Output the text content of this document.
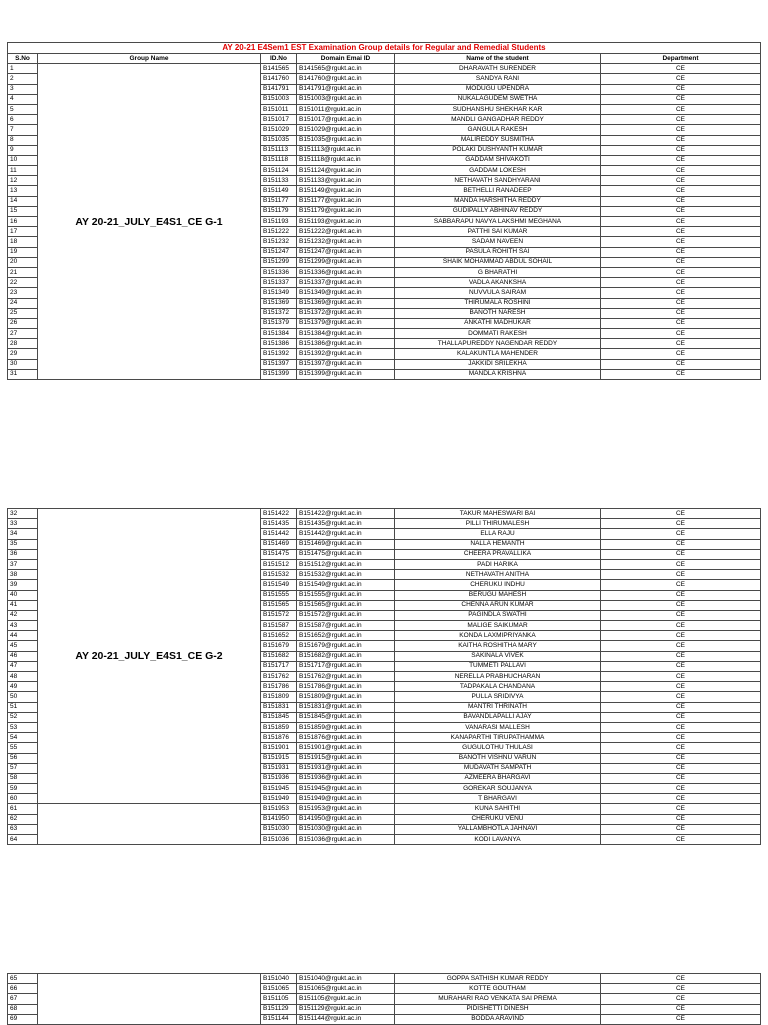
AY 20-21 E4Sem1 EST Examination Group details for Regular and Remedial Students					
S.No	Group Name	ID.No	Domain Emai ID	Name of the student	Department
1	AY 20-21_JULY_E4S1_CE G-1	B141565	B141565@rgukt.ac.in	DHARAVATH SURENDER	CE
2		B141760	B141760@rgukt.ac.in	SANDYA RANI	CE
3		B141791	B141791@rgukt.ac.in	MODUGU UPENDRA	CE
4		B151003	B151003@rgukt.ac.in	NUKALAGUDEM SWETHA	CE
5		B151011	B151011@rgukt.ac.in	SUDHANSHU SHEKHAR KAR	CE
6		B151017	B151017@rgukt.ac.in	MANDLI GANGADHAR REDDY	CE
7		B151029	B151029@rgukt.ac.in	GANGULA RAKESH	CE
8		B151035	B151035@rgukt.ac.in	MALIREDDY SUSMITHA	CE
9		B151113	B151113@rgukt.ac.in	POLAKI DUSHYANTH KUMAR	CE
10		B151118	B151118@rgukt.ac.in	GADDAM SHIVAKOTI	CE
11		B151124	B151124@rgukt.ac.in	GADDAM LOKESH	CE
12		B151133	B151133@rgukt.ac.in	NETHAVATH SANDHYARANI	CE
13		B151149	B151149@rgukt.ac.in	BETHELLI RANADEEP	CE
14		B151177	B151177@rgukt.ac.in	MANDA HARSHITHA REDDY	CE
15		B151179	B151179@rgukt.ac.in	GUDIPALLY ABHINAV REDDY	CE
16		B151193	B151193@rgukt.ac.in	SABBARAPU NAVYA LAKSHMI MEGHANA	CE
17		B151222	B151222@rgukt.ac.in	PATTHI SAI KUMAR	CE
18		B151232	B151232@rgukt.ac.in	SADAM NAVEEN	CE
19		B151247	B151247@rgukt.ac.in	PASULA ROHITH SAI	CE
20		B151299	B151299@rgukt.ac.in	SHAIK MOHAMMAD ABDUL SOHAIL	CE
21		B151336	B151336@rgukt.ac.in	G BHARATHI	CE
22		B151337	B151337@rgukt.ac.in	VADLA AKANKSHA	CE
23		B151349	B151349@rgukt.ac.in	NUVVULA SAIRAM	CE
24		B151369	B151369@rgukt.ac.in	THIRUMALA ROSHINI	CE
25		B151372	B151372@rgukt.ac.in	BANOTH NARESH	CE
26		B151379	B151379@rgukt.ac.in	ANKATHI MADHUKAR	CE
27		B151384	B151384@rgukt.ac.in	DOMMATI RAKESH	CE
28		B151386	B151386@rgukt.ac.in	THALLAPUREDDY NAGENDAR REDDY	CE
29		B151392	B151392@rgukt.ac.in	KALAKUNTLA MAHENDER	CE
30		B151397	B151397@rgukt.ac.in	JAKKIDI SRILEKHA	CE
31		B151399	B151399@rgukt.ac.in	MANDLA KRISHNA	CE
32	AY 20-21_JULY_E4S1_CE G-2	B151422	B151422@rgukt.ac.in	TAKUR MAHESWARI BAI	CE
33		B151435	B151435@rgukt.ac.in	PILLI THIRUMALESH	CE
34		B151442	B151442@rgukt.ac.in	ELLA RAJU	CE
35		B151469	B151469@rgukt.ac.in	NALLA HEMANTH	CE
36		B151475	B151475@rgukt.ac.in	CHEERA PRAVALLIKA	CE
37		B151512	B151512@rgukt.ac.in	PADI HARIKA	CE
38		B151532	B151532@rgukt.ac.in	NETHAVATH ANITHA	CE
39		B151549	B151549@rgukt.ac.in	CHERUKU INDHU	CE
40		B151555	B151555@rgukt.ac.in	BERUGU MAHESH	CE
41		B151565	B151565@rgukt.ac.in	CHENNA ARUN KUMAR	CE
42		B151572	B151572@rgukt.ac.in	PAGINDLA SWATHI	CE
43		B151587	B151587@rgukt.ac.in	MALIGE SAIKUMAR	CE
44		B151652	B151652@rgukt.ac.in	KONDA LAXMIPRIYANKA	CE
45		B151679	B151679@rgukt.ac.in	KAITHA ROSHITHA MARY	CE
46		B151682	B151682@rgukt.ac.in	SAKINALA VIVEK	CE
47		B151717	B151717@rgukt.ac.in	TUMMETI PALLAVI	CE
48		B151762	B151762@rgukt.ac.in	NERELLA PRABHUCHARAN	CE
49		B151786	B151786@rgukt.ac.in	TADPAKALA CHANDANA	CE
50		B151809	B151809@rgukt.ac.in	PULLA SRIDIVYA	CE
51		B151831	B151831@rgukt.ac.in	MANTRI THRINATH	CE
52		B151845	B151845@rgukt.ac.in	BAVANDLAPALLI AJAY	CE
53		B151859	B151859@rgukt.ac.in	VANARASI MALLESH	CE
54		B151876	B151876@rgukt.ac.in	KANAPARTHI TIRUPATHAMMA	CE
55		B151901	B151901@rgukt.ac.in	GUGULOTHU THULASI	CE
56		B151915	B151915@rgukt.ac.in	BANOTH VISHNU VARUN	CE
57		B151931	B151931@rgukt.ac.in	MUDAVATH SAMPATH	CE
58		B151936	B151936@rgukt.ac.in	AZMEERA BHARGAVI	CE
59		B151945	B151945@rgukt.ac.in	GOREKAR SOUJANYA	CE
60		B151949	B151949@rgukt.ac.in	T BHARGAVI	CE
61		B151953	B151953@rgukt.ac.in	KUNA SAHITHI	CE
62		B141950	B141950@rgukt.ac.in	CHERUKU VENU	CE
63		B151030	B151030@rgukt.ac.in	YALLAMBHOTLA JAHNAVI	CE
64		B151036	B151036@rgukt.ac.in	KODI LAVANYA	CE
65		B151040	B151040@rgukt.ac.in	GOPPA SATHISH KUMAR REDDY	CE
66		B151065	B151065@rgukt.ac.in	KOTTE GOUTHAM	CE
67		B151105	B151105@rgukt.ac.in	MURAHARI RAO VENKATA SAI PREMA	CE
68		B151129	B151129@rgukt.ac.in	PIDISHETTI DINESH	CE
69		B151144	B151144@rgukt.ac.in	BODDA ARAVIND	CE
